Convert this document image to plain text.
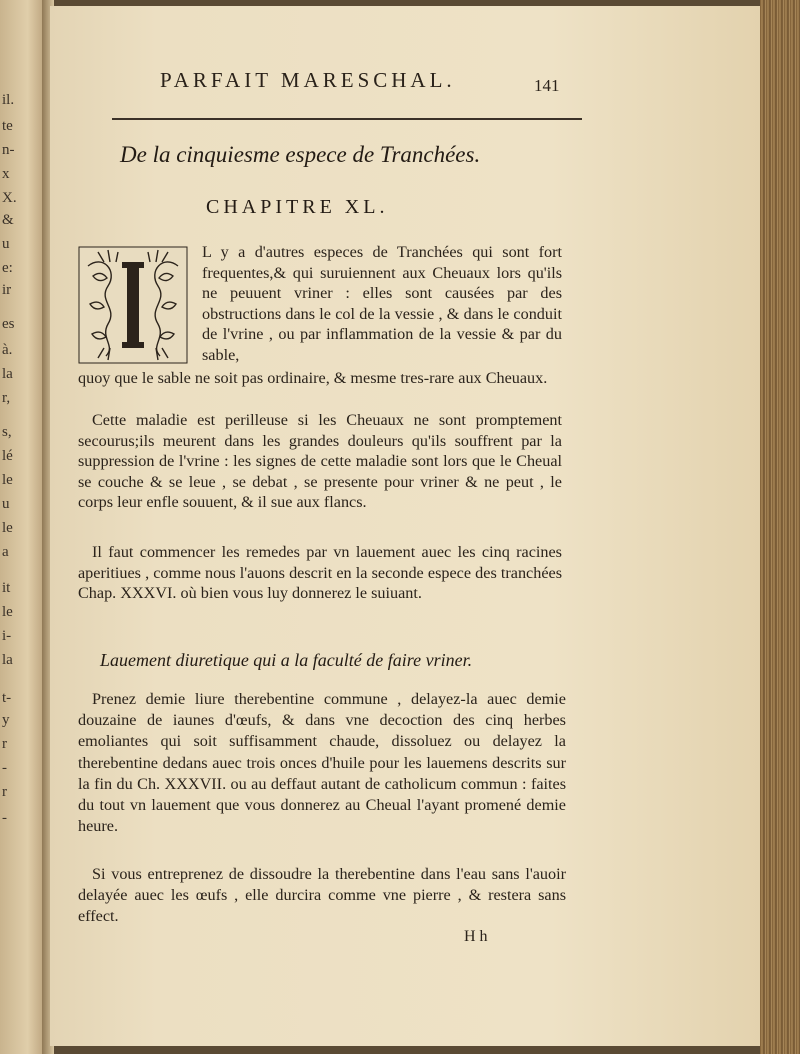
il.
te
n-
x
X.
&
u
e:
ir
es
à.
la
r,
s,
lé
le
u
le
a
it
le
i-
la
t-
y
r
-
r
-
PARFAIT MARESCHAL.	141
De la cinquiesme espece de Tranchées.
CHAPITRE XL.
L y a d'autres especes de Tranchées qui sont fort frequentes,& qui suruiennent aux Cheuaux lors qu'ils ne peuuent vriner : elles sont causées par des obstructions dans le col de la vessie , & dans le conduit de l'vrine , ou par inflammation de la vessie & par du sable,
quoy que le sable ne soit pas ordinaire, & mesme tres-rare aux Cheuaux.
Cette maladie est perilleuse si les Cheuaux ne sont promptement secourus;ils meurent dans les grandes douleurs qu'ils souffrent par la suppression de l'vrine : les signes de cette maladie sont lors que le Cheual se couche & se leue , se debat , se presente pour vriner & ne peut , le corps leur enfle souuent, & il sue aux flancs.
Il faut commencer les remedes par vn lauement auec les cinq racines aperitiues , comme nous l'auons descrit en la seconde espece des tranchées Chap. XXXVI. où bien vous luy donnerez le suiuant.
Lauement diuretique qui a la faculté de faire vriner.
Prenez demie liure therebentine commune , delayez-la auec demie douzaine de iaunes d'œufs, & dans vne decoction des cinq herbes emoliantes qui soit suffisamment chaude, dissoluez ou delayez la therebentine dedans auec trois onces d'huile pour les lauemens descrits sur la fin du Ch. XXXVII. ou au deffaut autant de catholicum commun : faites du tout vn lauement que vous donnerez au Cheual l'ayant promené demie heure.
Si vous entreprenez de dissoudre la therebentine dans l'eau sans l'auoir delayée auec les œufs , elle durcira comme vne pierre , & restera sans effect.
H h
